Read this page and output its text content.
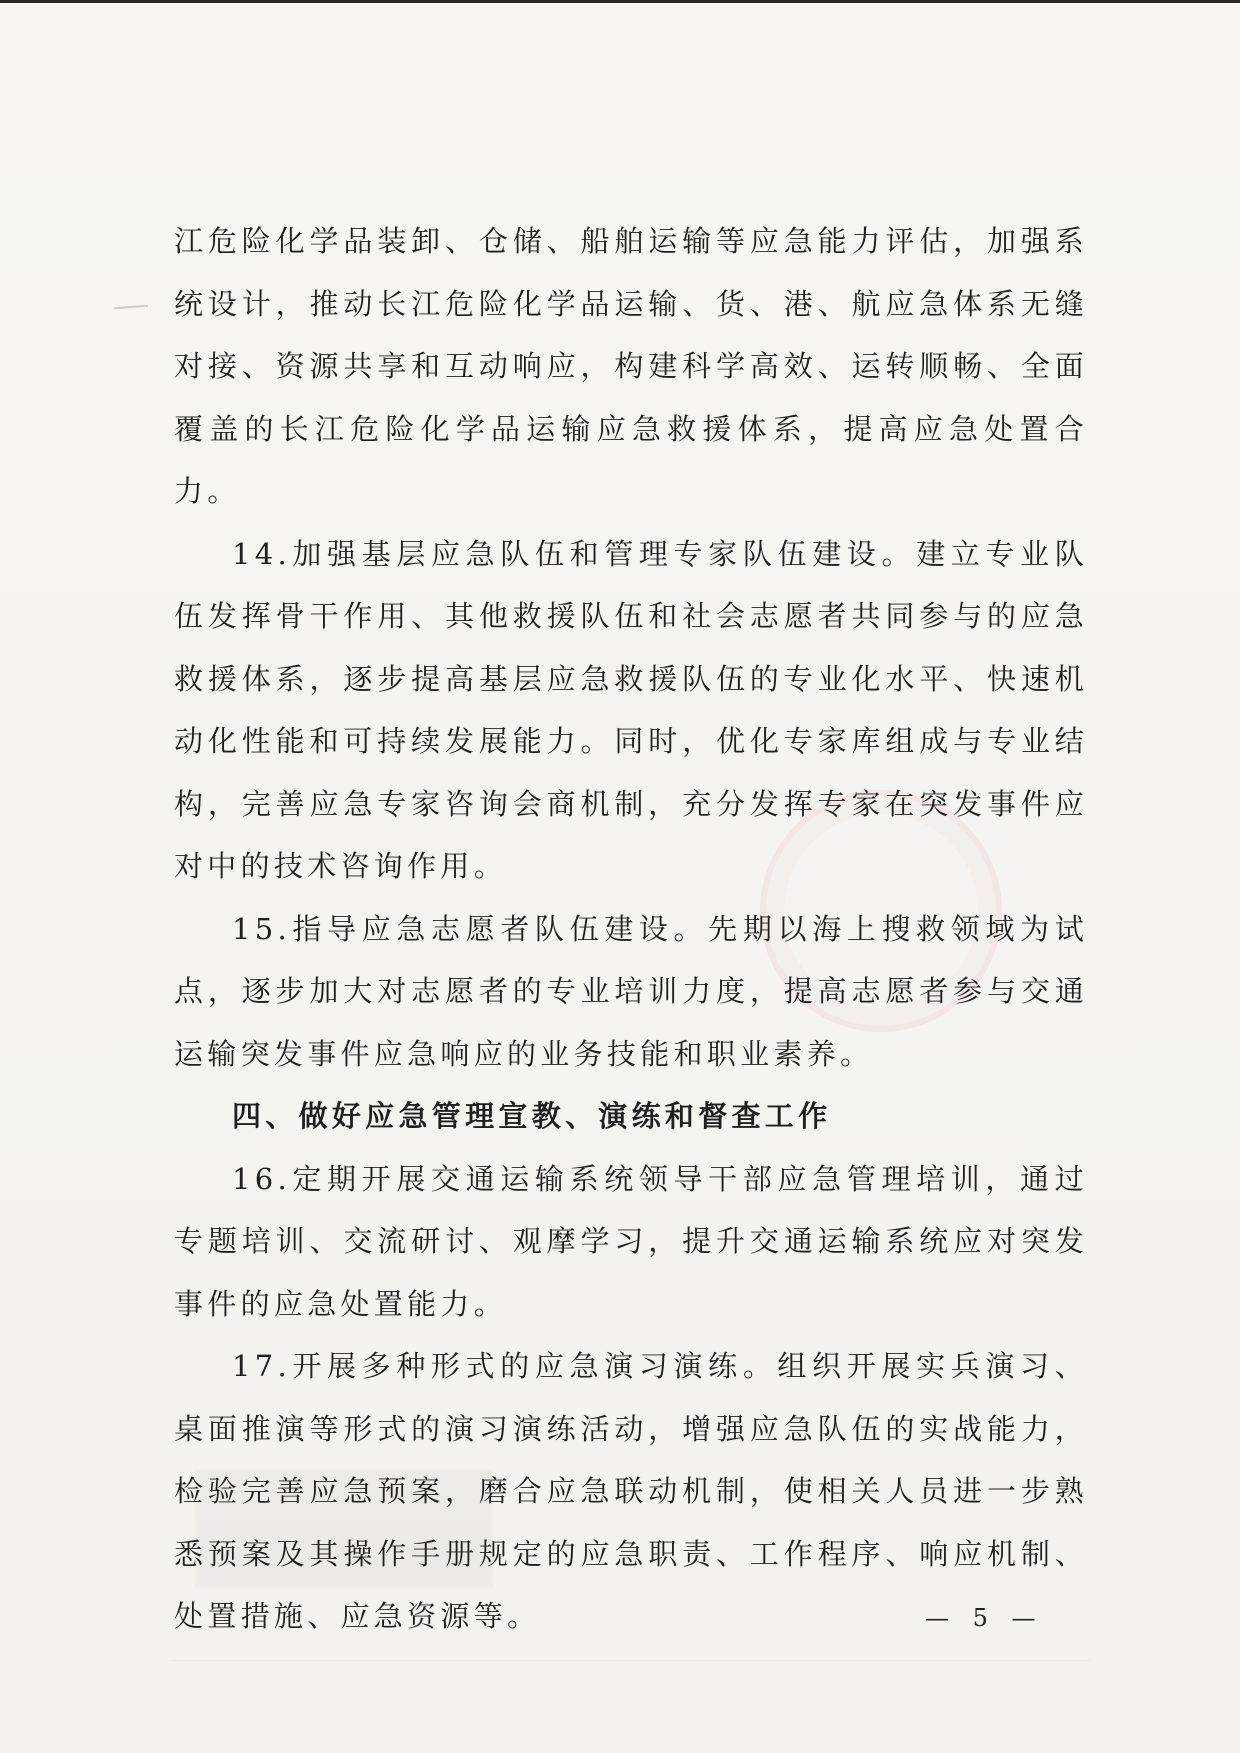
江危险化学品装卸、仓储、船舶运输等应急能力评估，加强系统设计，推动长江危险化学品运输、货、港、航应急体系无缝对接、资源共享和互动响应，构建科学高效、运转顺畅、全面覆盖的长江危险化学品运输应急救援体系，提高应急处置合力。

14.加强基层应急队伍和管理专家队伍建设。建立专业队伍发挥骨干作用、其他救援队伍和社会志愿者共同参与的应急救援体系，逐步提高基层应急救援队伍的专业化水平、快速机动化性能和可持续发展能力。同时，优化专家库组成与专业结构，完善应急专家咨询会商机制，充分发挥专家在突发事件应对中的技术咨询作用。

15.指导应急志愿者队伍建设。先期以海上搜救领域为试点，逐步加大对志愿者的专业培训力度，提高志愿者参与交通运输突发事件应急响应的业务技能和职业素养。

四、做好应急管理宣教、演练和督查工作

16.定期开展交通运输系统领导干部应急管理培训，通过专题培训、交流研讨、观摩学习，提升交通运输系统应对突发事件的应急处置能力。

17.开展多种形式的应急演习演练。组织开展实兵演习、桌面推演等形式的演习演练活动，增强应急队伍的实战能力，检验完善应急预案，磨合应急联动机制，使相关人员进一步熟悉预案及其操作手册规定的应急职责、工作程序、响应机制、处置措施、应急资源等。	— 5 —
